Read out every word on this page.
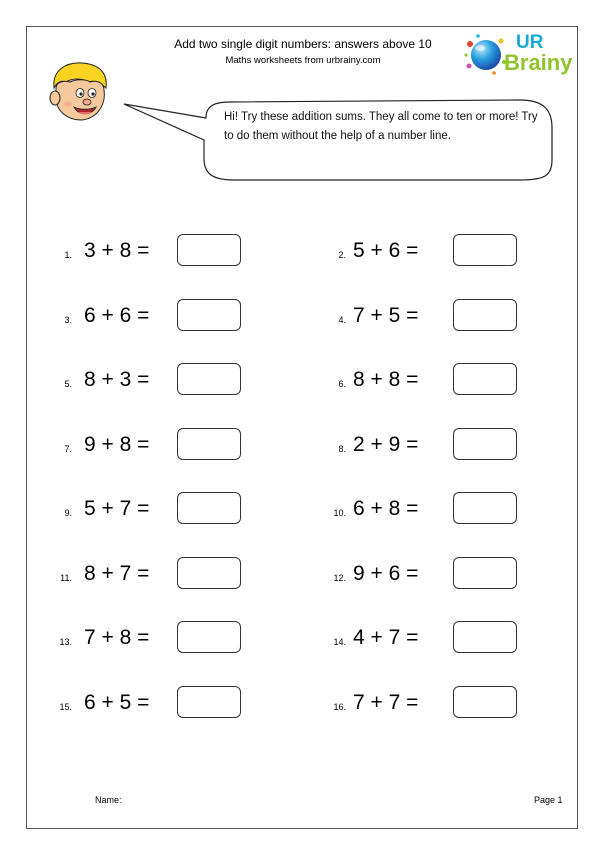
Add two single digit numbers: answers above 10
Maths worksheets from urbrainy.com
UR
Brainy
Hi! Try these addition sums. They all come to ten or more! Try to do them without the help of a number line.
1. 3 + 8 =	2. 5 + 6 =
3. 6 + 6 =	4. 7 + 5 =
5. 8 + 3 =	6. 8 + 8 =
7. 9 + 8 =	8. 2 + 9 =
9. 5 + 7 =	10. 6 + 8 =
11. 8 + 7 =	12. 9 + 6 =
13. 7 + 8 =	14. 4 + 7 =
15. 6 + 5 =	16. 7 + 7 =
Name:	Page 1
